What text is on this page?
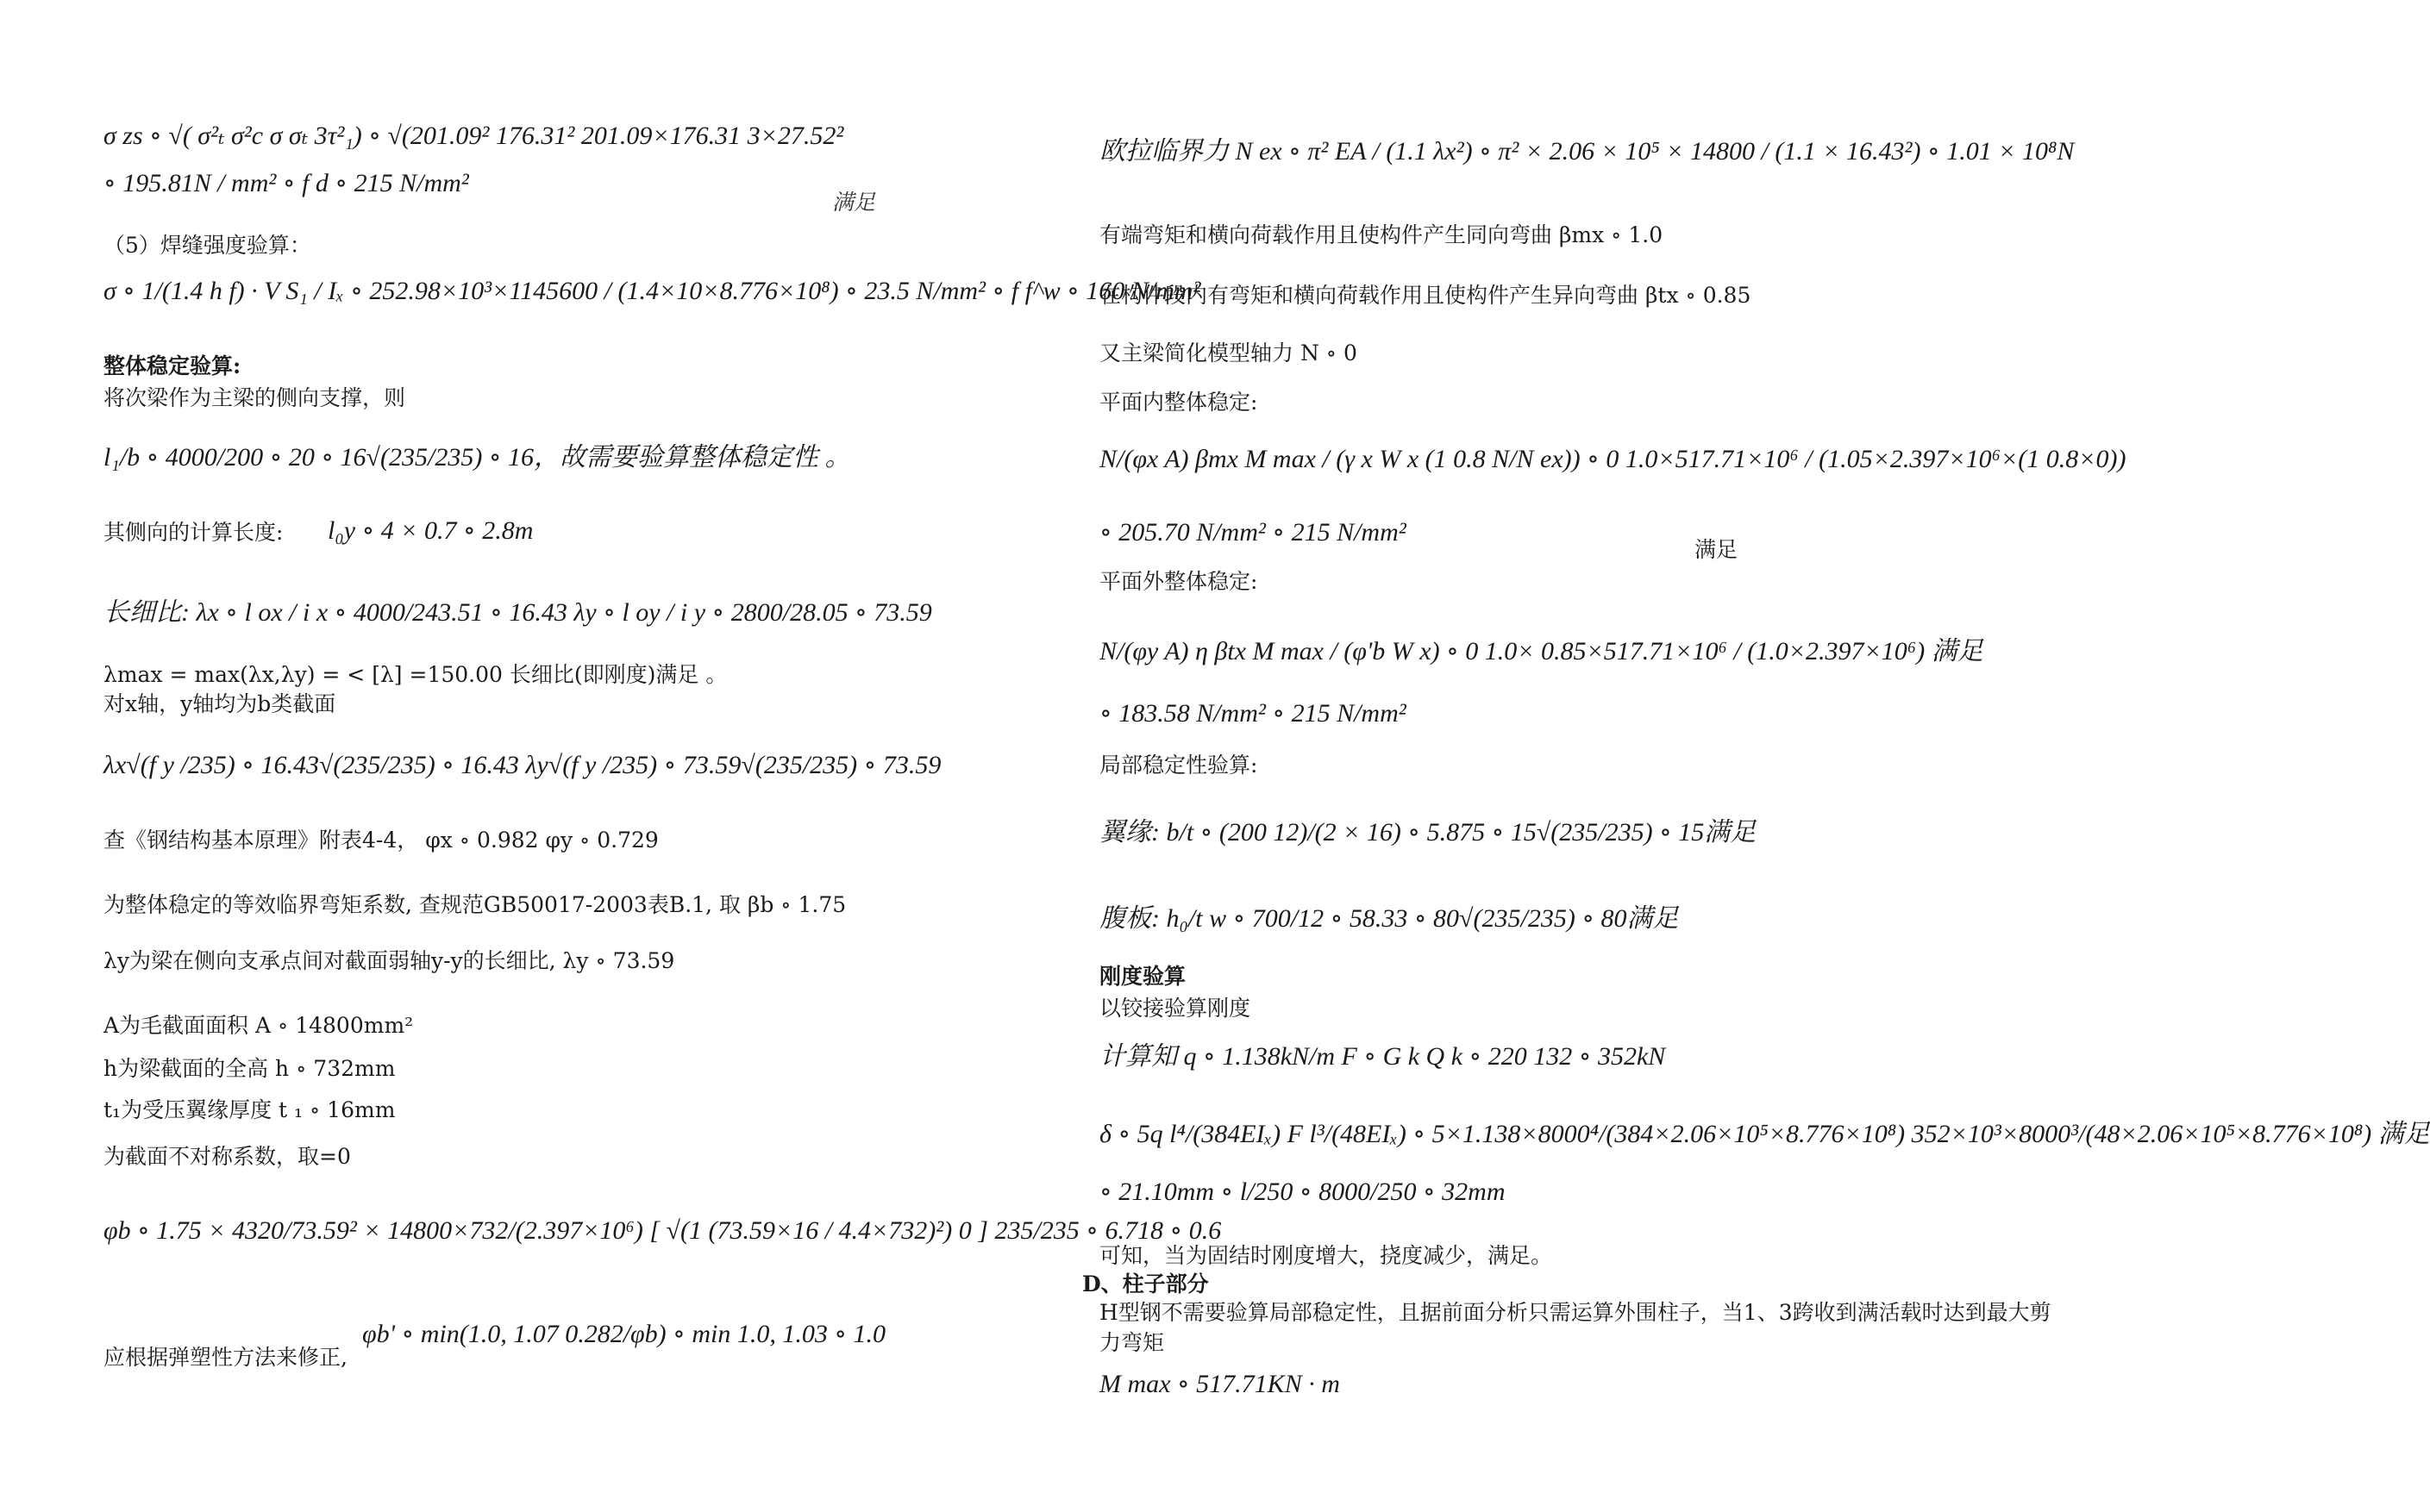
σ zs ∘ √( σ²ₜ σ²c σ σₜ 3τ²₁) ∘ √(201.09² 176.31² 201.09×176.31 3×27.52²
∘ 195.81N / mm² ∘ f d ∘ 215 N/mm²
满足
（5）焊缝强度验算：
σ ∘ 1/(1.4 h f) · V S₁ / Iₓ ∘ 252.98×10³×1145600 / (1.4×10×8.776×10⁸) ∘ 23.5 N/mm² ∘ f f^w ∘ 160 N/mm²
整体稳定验算:
将次梁作为主梁的侧向支撑，则
l₁/b ∘ 4000/200 ∘ 20 ∘ 16√(235/235) ∘ 16，故需要验算整体稳定性 。
其侧向的计算长度: l₀y ∘ 4 × 0.7 ∘ 2.8m
长细比: λx ∘ l ox / i x ∘ 4000/243.51 ∘ 16.43 λy ∘ l oy / i y ∘ 2800/28.05 ∘ 73.59
λmax = max(λx,λy) = < [λ] =150.00 长细比(即刚度)满足 。
对x轴，y轴均为b类截面
λx√(f y /235) ∘ 16.43√(235/235) ∘ 16.43 λy√(f y /235) ∘ 73.59√(235/235) ∘ 73.59
查《钢结构基本原理》附表4-4， φx ∘ 0.982 φy ∘ 0.729
为整体稳定的等效临界弯矩系数, 查规范GB50017-2003表B.1, 取 βb ∘ 1.75
λy为梁在侧向支承点间对截面弱轴y-y的长细比, λy ∘ 73.59
A为毛截面面积 A ∘ 14800mm²
h为梁截面的全高 h ∘ 732mm
t₁为受压翼缘厚度 t ₁ ∘ 16mm
为截面不对称系数，取=0
φb ∘ 1.75 × 4320/73.59² × 14800×732/(2.397×10⁶) [ √(1 (73.59×16 / 4.4×732)²) 0 ] 235/235 ∘ 6.718 ∘ 0.6
应根据弹塑性方法来修正,
φb' ∘ min(1.0, 1.07 0.282/φb) ∘ min 1.0, 1.03 ∘ 1.0
欧拉临界力 N ex ∘ π² EA / (1.1 λx²) ∘ π² × 2.06 × 10⁵ × 14800 / (1.1 × 16.43²) ∘ 1.01 × 10⁸N
有端弯矩和横向荷载作用且使构件产生同向弯曲 βmx ∘ 1.0
在构件段内有弯矩和横向荷载作用且使构件产生异向弯曲 βtx ∘ 0.85
又主梁简化模型轴力 N ∘ 0
平面内整体稳定:
N/(φx A) βmx M max / (γ x W x (1 0.8 N/N ex)) ∘ 0 1.0×517.71×10⁶ / (1.05×2.397×10⁶×(1 0.8×0))
∘ 205.70 N/mm² ∘ 215 N/mm²
满足
平面外整体稳定:
N/(φy A) η βtx M max / (φ'b W x) ∘ 0 1.0× 0.85×517.71×10⁶ / (1.0×2.397×10⁶) 满足
∘ 183.58 N/mm² ∘ 215 N/mm²
局部稳定性验算:
翼缘: b/t ∘ (200 12)/(2 × 16) ∘ 5.875 ∘ 15√(235/235) ∘ 15满足
腹板: h₀/t w ∘ 700/12 ∘ 58.33 ∘ 80√(235/235) ∘ 80满足
刚度验算
以铰接验算刚度
计算知 q ∘ 1.138kN/m F ∘ G k Q k ∘ 220 132 ∘ 352kN
δ ∘ 5q l⁴/(384EIₓ) F l³/(48EIₓ) ∘ 5×1.138×8000⁴/(384×2.06×10⁵×8.776×10⁸) 352×10³×8000³/(48×2.06×10⁵×8.776×10⁸) 满足
∘ 21.10mm ∘ l/250 ∘ 8000/250 ∘ 32mm
可知，当为固结时刚度增大，挠度减少，满足。
D、柱子部分
H型钢不需要验算局部稳定性，且据前面分析只需运算外围柱子，当1、3跨收到满活载时达到最大剪
力弯矩
M max ∘ 517.71KN · m
